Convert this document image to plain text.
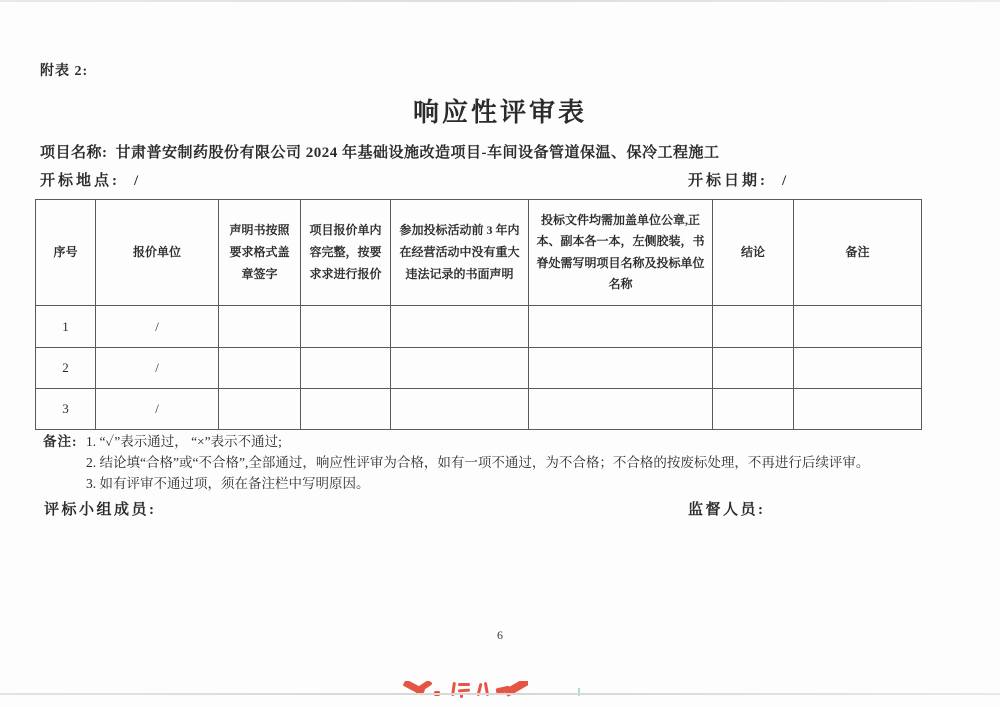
附表 2:
响应性评审表
项目名称: 甘肃普安制药股份有限公司 2024 年基础设施改造项目-车间设备管道保温、保冷工程施工
开标地点: /	开标日期: /
序号	报价单位	声明书按照要求格式盖章签字	项目报价单内容完整，按要求求进行报价	参加投标活动前 3 年内在经营活动中没有重大违法记录的书面声明	投标文件均需加盖单位公章,正本、副本各一本，左侧胶装，书脊处需写明项目名称及投标单位名称	结论	备注
1	/						
2	/						
3	/						
备注: 1. “✓”表示通过， “×”表示不通过;
2. 结论填“合格”或“不合格”,全部通过，响应性评审为合格，如有一项不通过，为不合格；不合格的按废标处理，不再进行后续评审。
3. 如有评审不通过项，须在备注栏中写明原因。
评标小组成员:	监督人员:
6
